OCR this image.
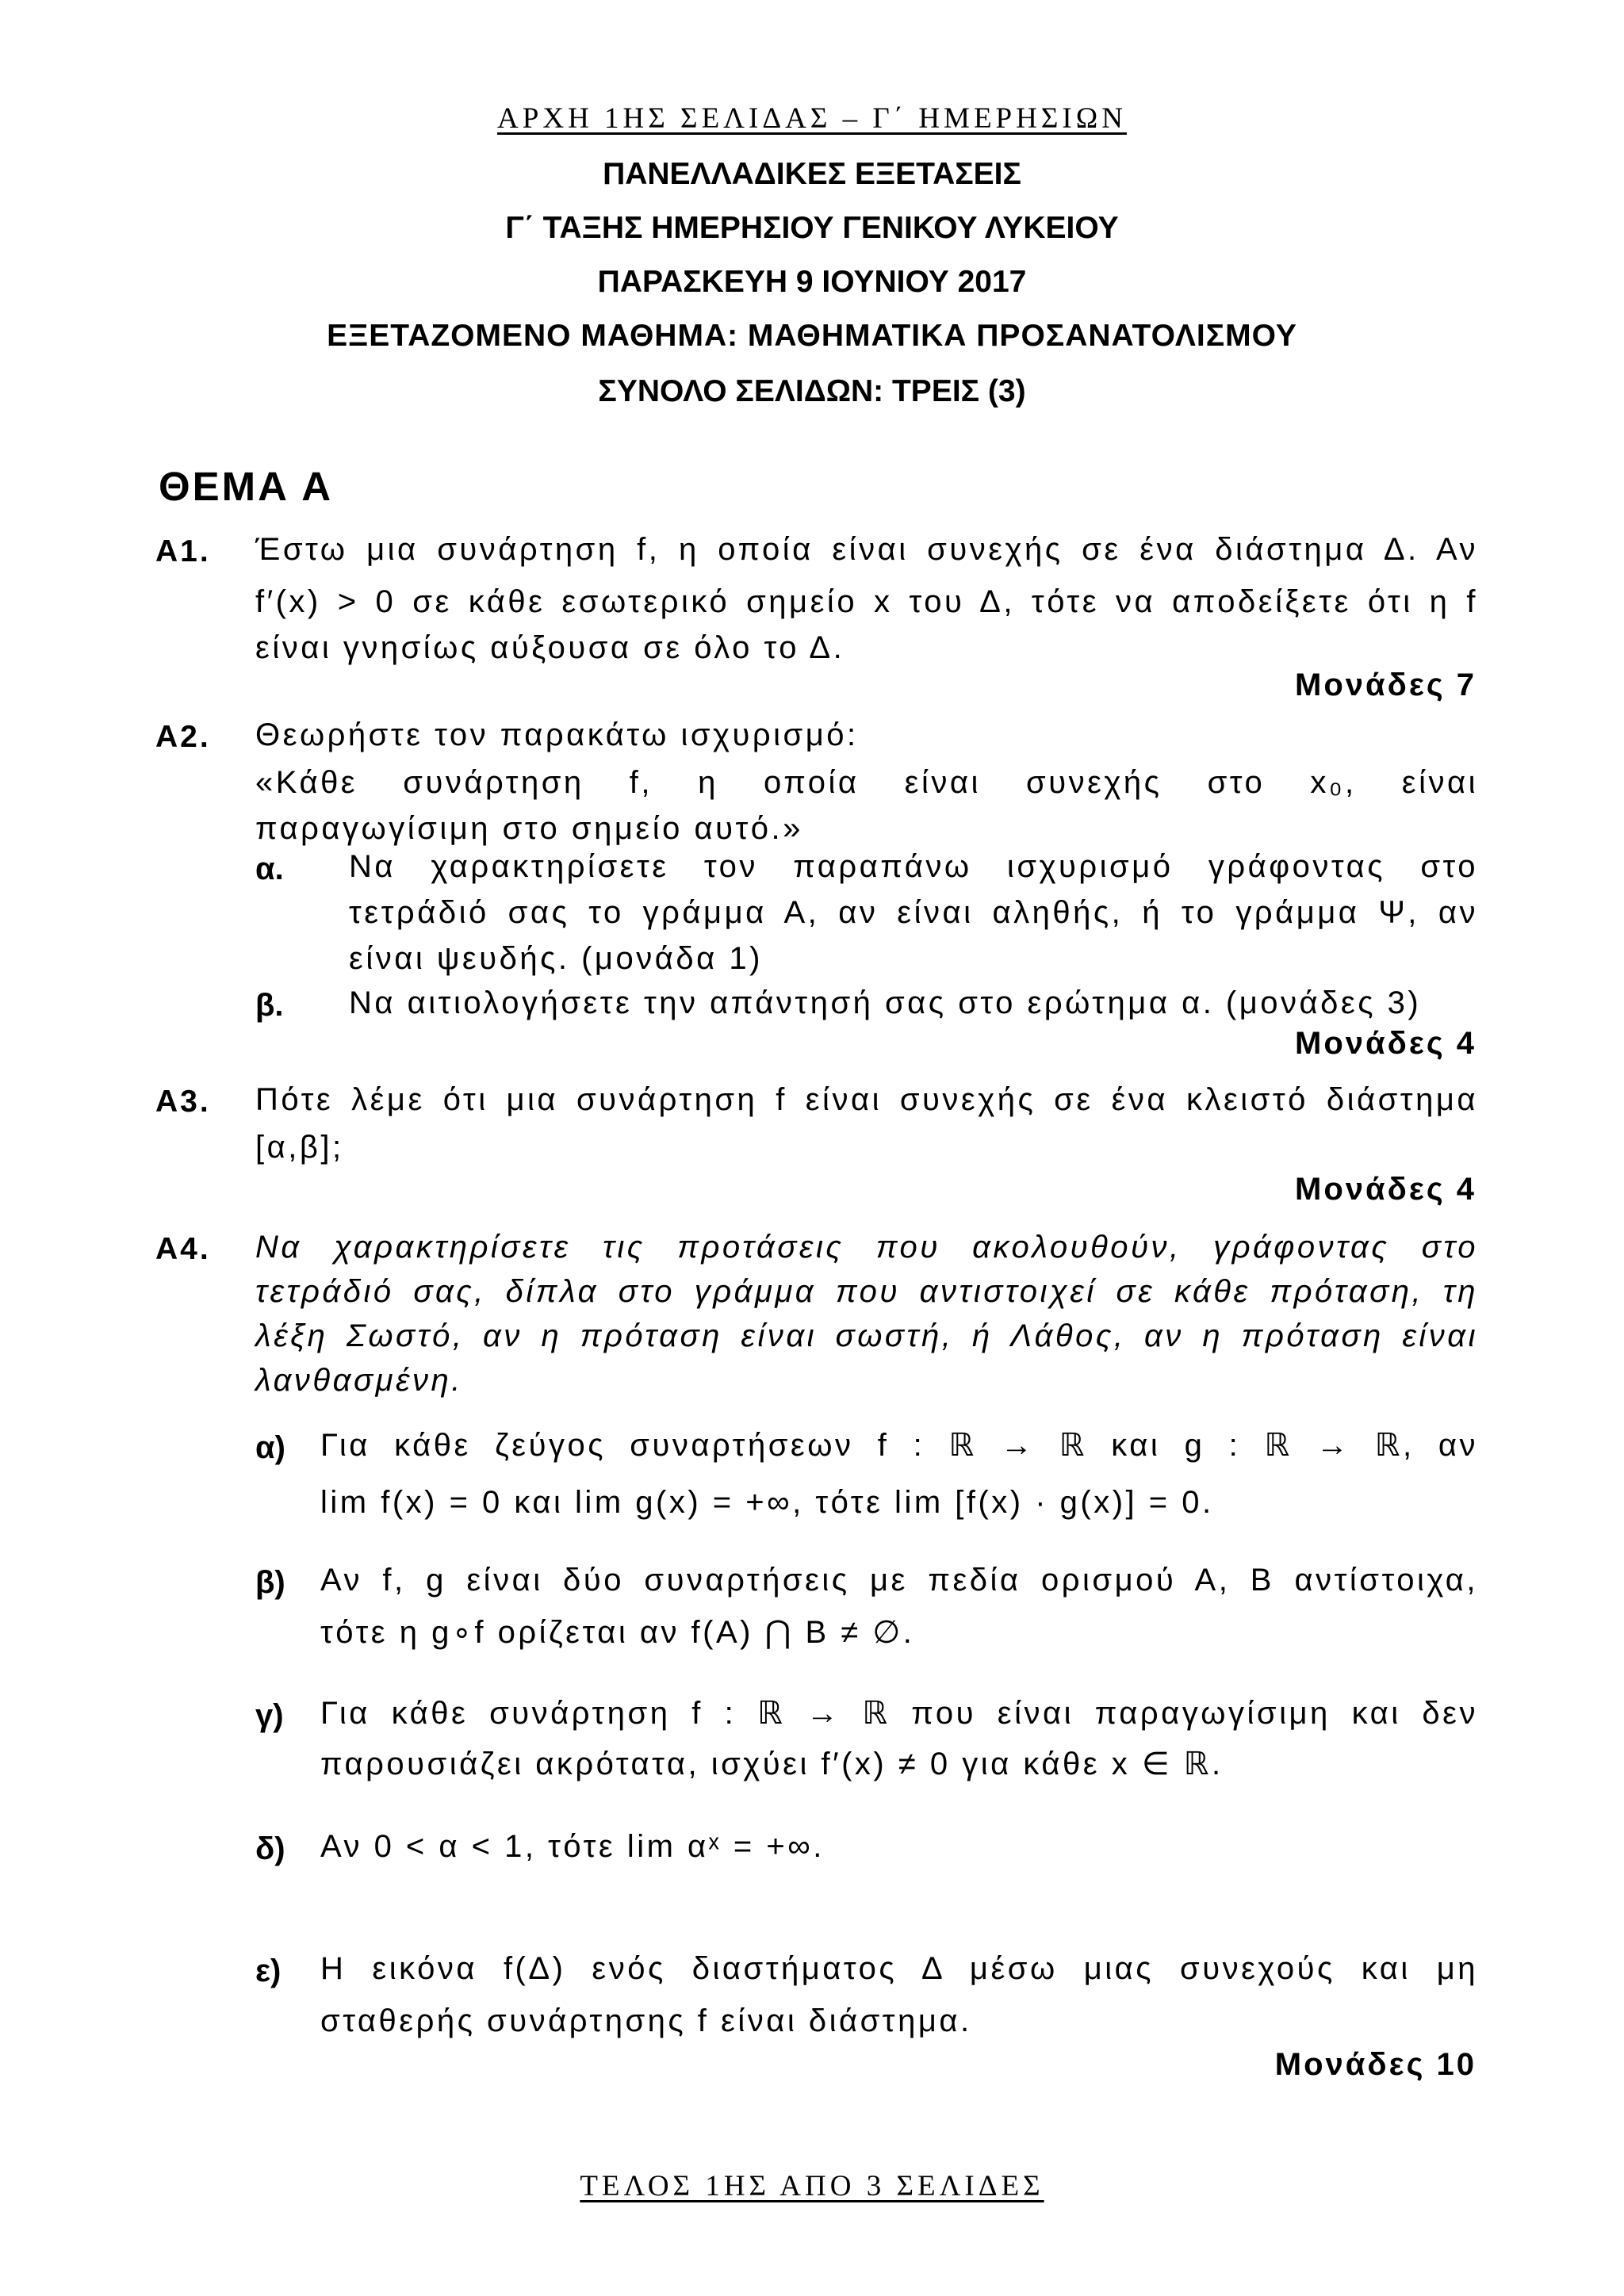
ΑΡΧΗ 1ΗΣ ΣΕΛΙΔΑΣ – Γ΄ ΗΜΕΡΗΣΙΩΝ
ΠΑΝΕΛΛΑΔΙΚΕΣ ΕΞΕΤΑΣΕΙΣ
Γ΄ ΤΑΞΗΣ ΗΜΕΡΗΣΙΟΥ ΓΕΝΙΚΟΥ ΛΥΚΕΙΟΥ
ΠΑΡΑΣΚΕΥΗ 9 ΙΟΥΝΙΟΥ 2017
ΕΞΕΤΑΖΟΜΕΝΟ ΜΑΘΗΜΑ: ΜΑΘΗΜΑΤΙΚΑ ΠΡΟΣΑΝΑΤΟΛΙΣΜΟΥ
ΣΥΝΟΛΟ ΣΕΛΙΔΩΝ: ΤΡΕΙΣ (3)
ΘΕΜΑ Α
Α1. Έστω μια συνάρτηση f, η οποία είναι συνεχής σε ένα διάστημα Δ. Αν
f′(x) > 0 σε κάθε εσωτερικό σημείο x του Δ, τότε να αποδείξετε ότι η f
είναι γνησίως αύξουσα σε όλο το Δ.
Μονάδες 7
Α2. Θεωρήστε τον παρακάτω ισχυρισμό:
«Κάθε συνάρτηση f, η οποία είναι συνεχής στο x₀, είναι
παραγωγίσιμη στο σημείο αυτό.»
α. Να χαρακτηρίσετε τον παραπάνω ισχυρισμό γράφοντας στο
τετράδιό σας το γράμμα Α, αν είναι αληθής, ή το γράμμα Ψ, αν
είναι ψευδής. (μονάδα 1)
β. Να αιτιολογήσετε την απάντησή σας στο ερώτημα α. (μονάδες 3)
Μονάδες 4
Α3. Πότε λέμε ότι μια συνάρτηση f είναι συνεχής σε ένα κλειστό διάστημα
[α,β];
Μονάδες 4
Α4. Να χαρακτηρίσετε τις προτάσεις που ακολουθούν, γράφοντας στο
τετράδιό σας, δίπλα στο γράμμα που αντιστοιχεί σε κάθε πρόταση, τη
λέξη Σωστό, αν η πρόταση είναι σωστή, ή Λάθος, αν η πρόταση είναι
λανθασμένη.
α) Για κάθε ζεύγος συναρτήσεων f : ℝ → ℝ και g : ℝ → ℝ, αν
lim f(x) = 0 και lim g(x) = +∞, τότε lim [f(x) · g(x)] = 0.
β) Αν f, g είναι δύο συναρτήσεις με πεδία ορισμού Α, Β αντίστοιχα,
τότε η g∘f ορίζεται αν f(A) ⋂ B ≠ ∅.
γ) Για κάθε συνάρτηση f : ℝ → ℝ που είναι παραγωγίσιμη και δεν
παρουσιάζει ακρότατα, ισχύει f′(x) ≠ 0 για κάθε x ∈ ℝ.
δ) Αν 0 < α < 1, τότε lim αˣ = +∞.
ε) Η εικόνα f(Δ) ενός διαστήματος Δ μέσω μιας συνεχούς και μη
σταθερής συνάρτησης f είναι διάστημα.
Μονάδες 10
ΤΕΛΟΣ 1ΗΣ ΑΠΟ 3 ΣΕΛΙΔΕΣ
